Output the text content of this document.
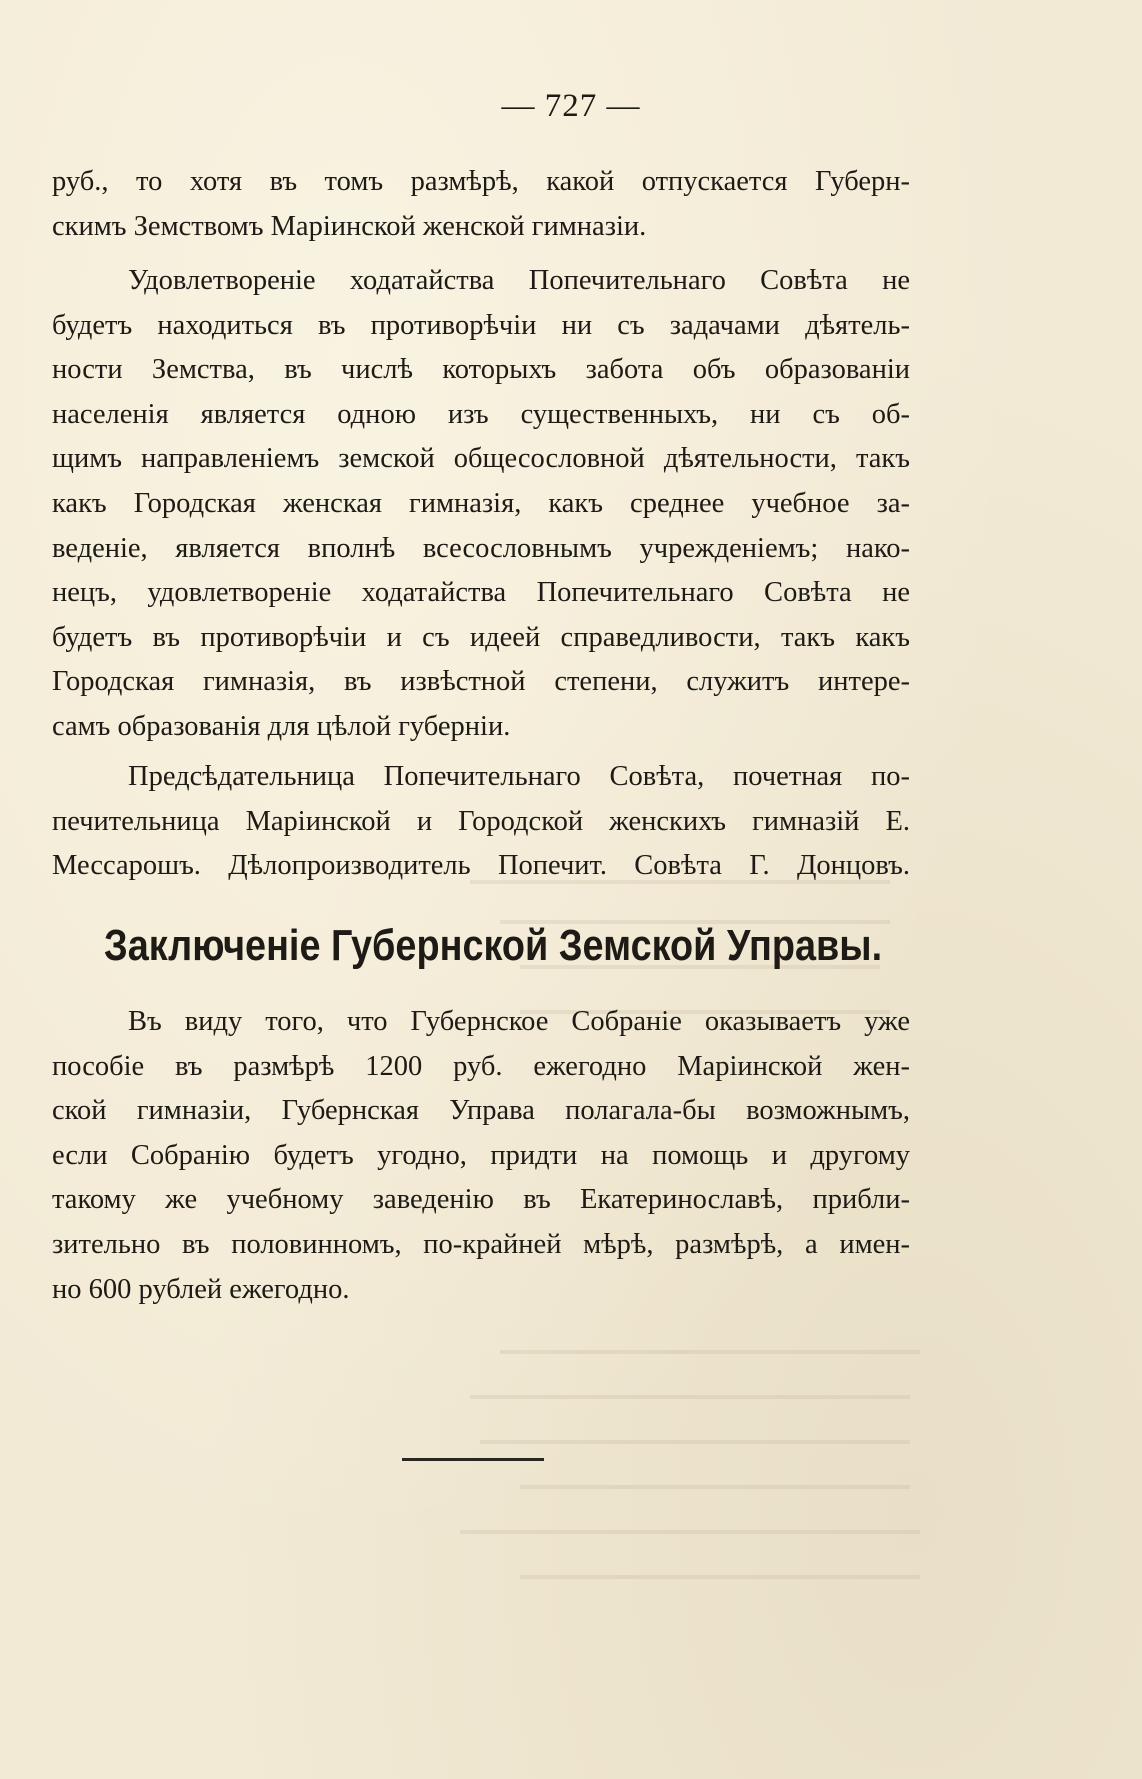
— 727 —
руб., то хотя въ томъ размѣрѣ, какой отпускается Губерн-
скимъ Земствомъ Маріинской женской гимназіи.
Удовлетвореніе ходатайства Попечительнаго Совѣта не
будетъ находиться въ противорѣчіи ни съ задачами дѣятель-
ности Земства, въ числѣ которыхъ забота объ образованіи
населенія является одною изъ существенныхъ, ни съ об-
щимъ направленіемъ земской общесословной дѣятельности, такъ
какъ Городская женская гимназія, какъ среднее учебное за-
веденіе, является вполнѣ всесословнымъ учрежденіемъ; нако-
нецъ, удовлетвореніе ходатайства Попечительнаго Совѣта не
будетъ въ противорѣчіи и съ идеей справедливости, такъ какъ
Городская гимназія, въ извѣстной степени, служитъ интере-
самъ образованія для цѣлой губерніи.
Предсѣдательница Попечительнаго Совѣта, почетная по-
печительница Маріинской и Городской женскихъ гимназій Е.
Мессарошъ. Дѣлопроизводитель Попечит. Совѣта Г. Донцовъ.
Заключеніе Губернской Земской Управы.
Въ виду того, что Губернское Собраніе оказываетъ уже
пособіе въ размѣрѣ 1200 руб. ежегодно Маріинской жен-
ской гимназіи, Губернская Управа полагала-бы возможнымъ,
если Собранію будетъ угодно, придти на помощь и другому
такому же учебному заведенію въ Екатеринославѣ, прибли-
зительно въ половинномъ, по-крайней мѣрѣ, размѣрѣ, а имен-
но 600 рублей ежегодно.
